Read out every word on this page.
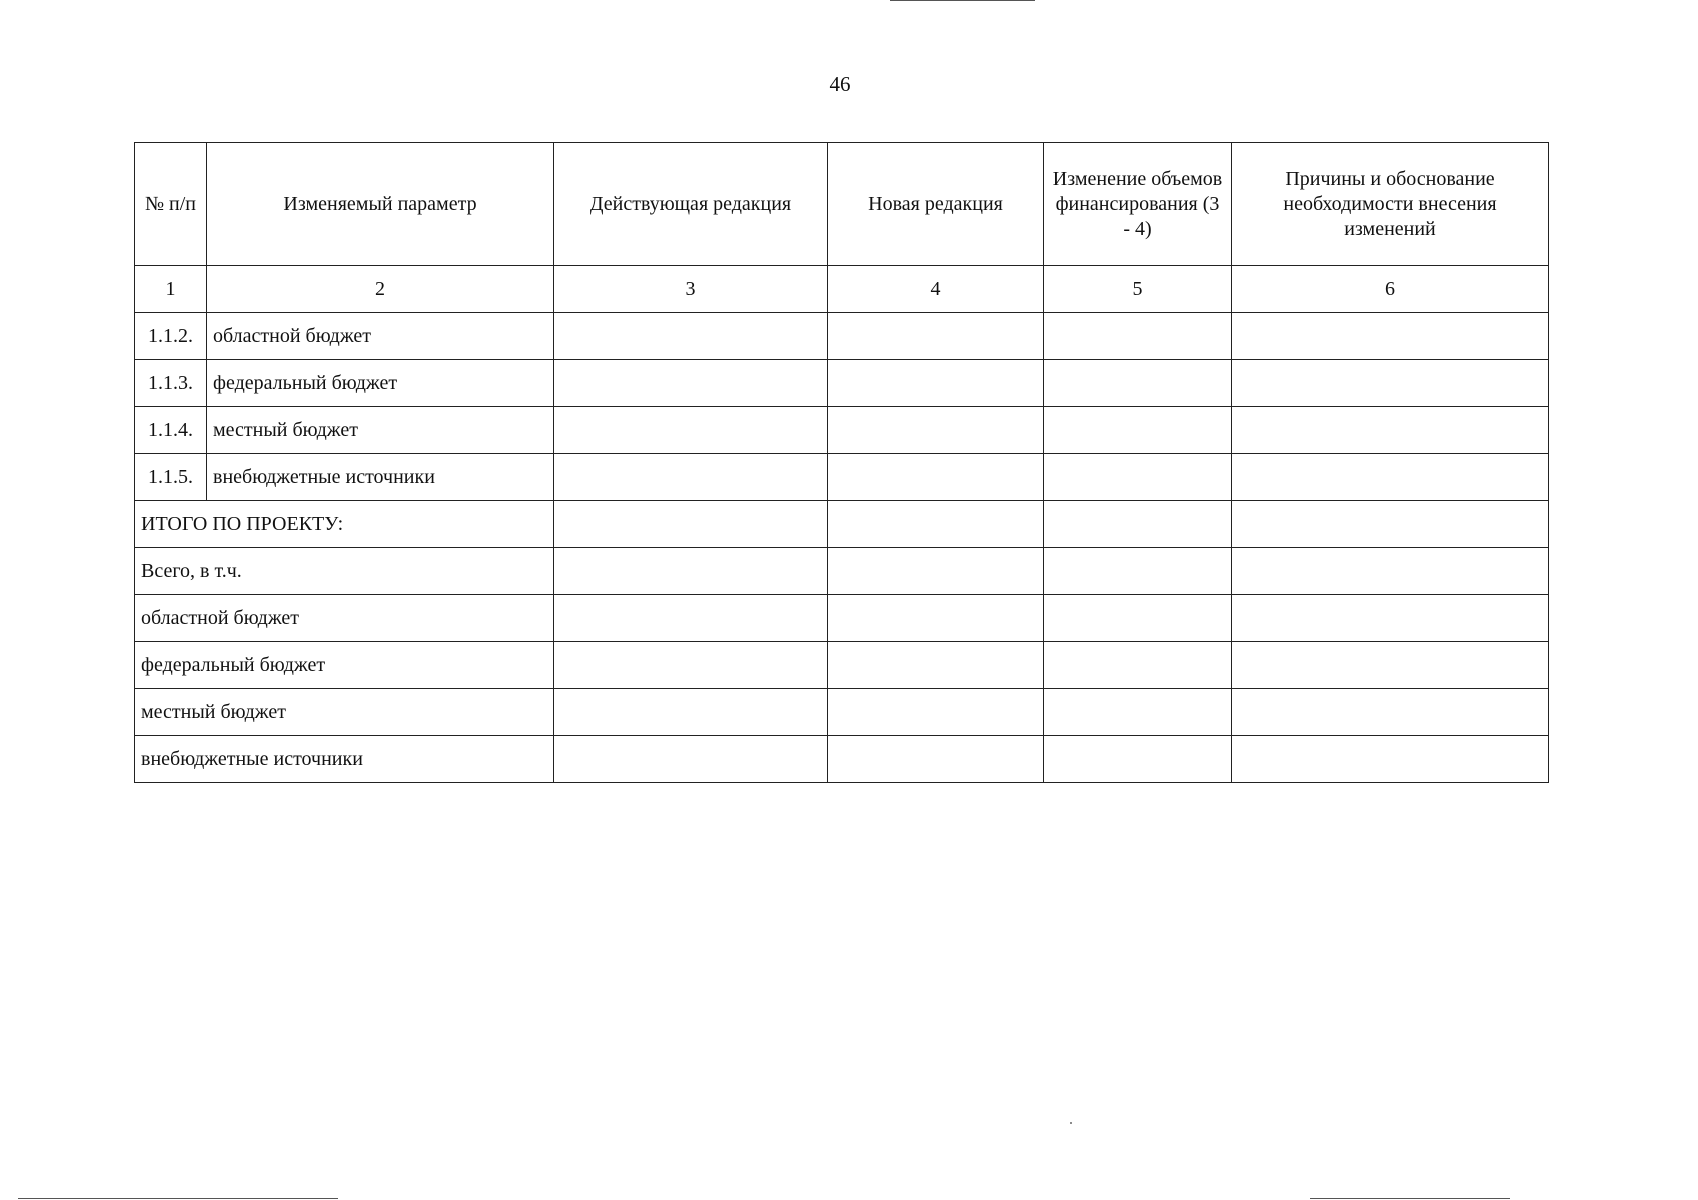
46
№ п/п	Изменяемый параметр	Действующая редакция	Новая редакция	Изменение объемов финансирования (3 - 4)	Причины и обоснование необходимости внесения изменений
1	2	3	4	5	6
1.1.2.	областной бюджет				
1.1.3.	федеральный бюджет				
1.1.4.	местный бюджет				
1.1.5.	внебюджетные источники				
ИТОГО ПО ПРОЕКТУ:					
Всего, в т.ч.					
областной бюджет					
федеральный бюджет					
местный бюджет					
внебюджетные источники					
